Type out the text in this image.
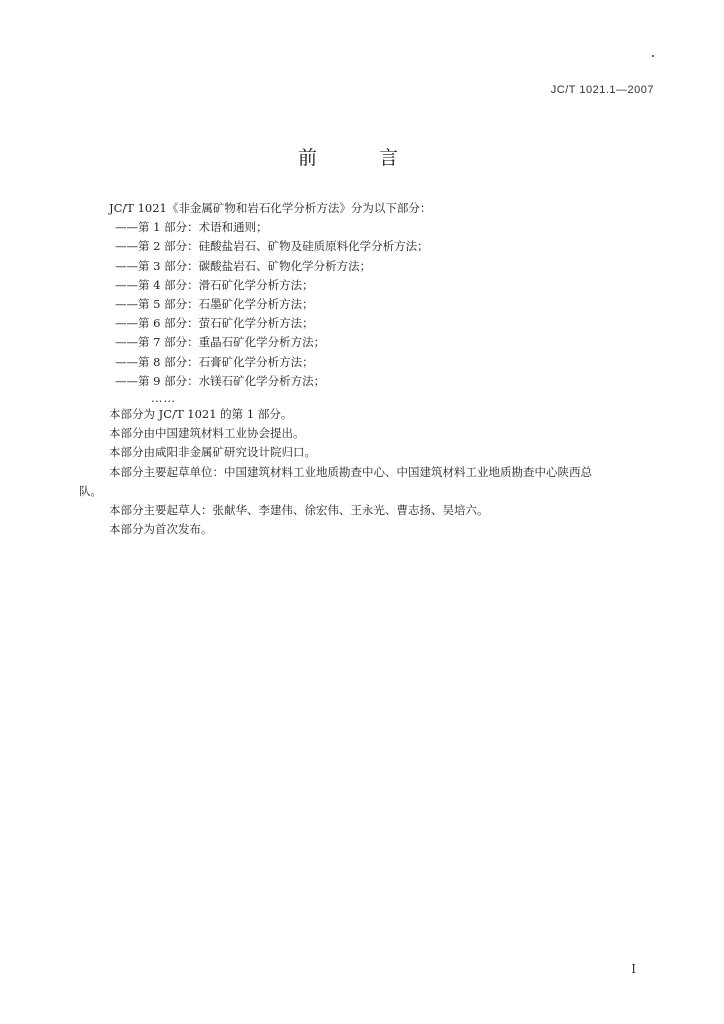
JC/T 1021.1—2007
前 言
JC/T 1021《非金属矿物和岩石化学分析方法》分为以下部分：
——第 1 部分：术语和通则；
——第 2 部分：硅酸盐岩石、矿物及硅质原料化学分析方法；
——第 3 部分：碳酸盐岩石、矿物化学分析方法；
——第 4 部分：滑石矿化学分析方法；
——第 5 部分：石墨矿化学分析方法；
——第 6 部分：萤石矿化学分析方法；
——第 7 部分：重晶石矿化学分析方法；
——第 8 部分：石膏矿化学分析方法；
——第 9 部分：水镁石矿化学分析方法；
……
本部分为 JC/T 1021 的第 1 部分。
本部分由中国建筑材料工业协会提出。
本部分由咸阳非金属矿研究设计院归口。
本部分主要起草单位：中国建筑材料工业地质勘查中心、中国建筑材料工业地质勘查中心陕西总
队。
本部分主要起草人：张献华、李建伟、徐宏伟、王永光、曹志扬、吴培六。
本部分为首次发布。
I
